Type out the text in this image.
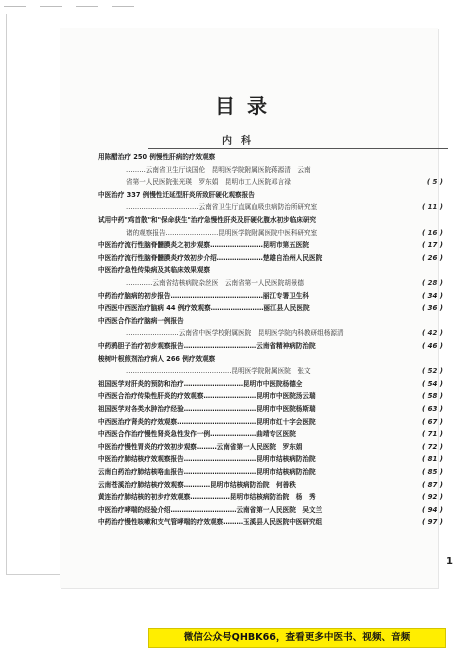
目录
内科
用陈醋治疗 250 例慢性肝病的疗效观察
………云南省卫生厅谈国伦　昆明医学院附属医院蒋源清　云南
省第一人民医院张光瑛　罗东娟　昆明市工人医院邓言禄	( 5 )
中医治疗 337 例慢性迁延型肝炎所致肝硬化观察报告
……………………………云南省卫生厅直属血吸虫病防治所研究室	( 11 )
试用中药"鸡首散"和"保命获生"治疗急慢性肝炎及肝硬化腹水初步临床研究
诸的观察报告……………………昆明医学院附属医院中医科研究室	( 16 )
中医治疗流行性脑脊髓膜炎之初步观察……………………昆明市第五医院	( 17 )
中医治疗流行性脑脊髓膜炎疗效初步介绍…………………楚雄自治州人民医院	( 26 )
中医治疗急性传染病及其临床效果观察
…………云南省结核病院杂丝医　云南省第一人民医院胡景德	( 28 )
中药治疗脑病的初步报告……………………………………丽江专署卫生科	( 34 )
中西医中西医治疗脑病 44 例疗效观察……………………丽江县人民医院	( 36 )
中西医合作治疗脑病一例报告
……………………云南省中医学校附属医院　昆明医学院内科教研组杨源清	( 42 )
中药鸦胆子治疗初步观察报告……………………………云南省精神病防治院	( 46 )
梭树叶根煎剂治疗病人 266 例疗效观察
…………………………………………昆明医学院附属医院　张文	( 52 )
祖国医学对肝炎的预防和治疗………………………昆明市中医院杨德全	( 54 )
中西医合治疗传染性肝炎的疗效观察……………………昆明市中医院汤云瑞	( 58 )
祖国医学对各类水肿治疗经验……………………………昆明市中医院杨斯瑞	( 63 )
中西医治疗肾炎的疗效观察………………………………昆明市红十字会医院	( 67 )
中西医合作治疗慢性肾炎急性发作一例…………………曲靖专区医院	( 71 )
中医治疗慢性胃炎的疗效初步观察………云南省第一人民医院　罗东娟	( 72 )
中医治疗肺结核疗效观察报告……………………………昆明市结核病防治院	( 81 )
云南白药治疗肺结核咯血报告……………………………昆明市结核病防治院	( 85 )
云南苍溪治疗肺结核疗效观察…………昆明市结核病防治院　何善秩	( 87 )
黄连治疗肺结核的初步疗效观察………………昆明市结核病防治院　杨　秀	( 92 )
中医治疗哮喘的经验介绍…………………………云南省第一人民医院　吴文兰	( 94 )
中药治疗慢性咳嗽和支气管哮喘的疗效观察………玉溪县人民医院中医研究组	( 97 )
1
微信公众号QHBK66，查看更多中医书、视频、音频
